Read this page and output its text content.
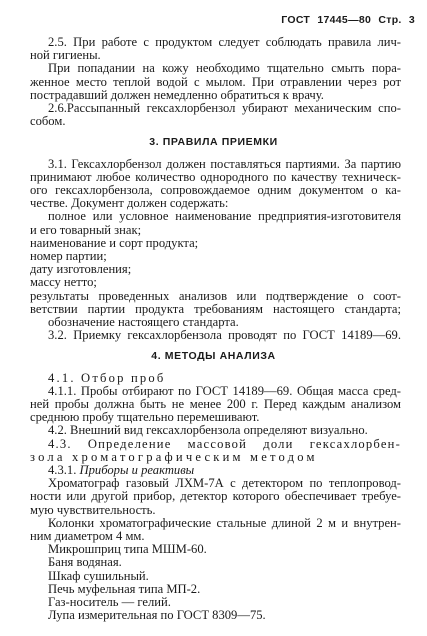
ГОСТ 17445—80 Стр. 3
2.5. При работе с продуктом следует соблюдать правила лич-
ной гигиены.
При попадании на кожу необходимо тщательно смыть пора-
женное место теплой водой с мылом. При отравлении через рот
пострадавший должен немедленно обратиться к врачу.
2.6.Рассыпанный гексахлорбензол убирают механическим спо-
собом.
3. ПРАВИЛА ПРИЕМКИ
3.1. Гексахлорбензол должен поставляться партиями. За партию
принимают любое количество однородного по качеству техническ-
ого гексахлорбензола, сопровождаемое одним документом о ка-
честве. Документ должен содержать:
полное или условное наименование предприятия-изготовителя
и его товарный знак;
наименование и сорт продукта;
номер партии;
дату изготовления;
массу нетто;
результаты проведенных анализов или подтверждение о соот-
ветствии партии продукта требованиям настоящего стандарта;
обозначение настоящего стандарта.
3.2. Приемку гексахлорбензола проводят по ГОСТ 14189—69.
4. МЕТОДЫ АНАЛИЗА
4.1. Отбор проб
4.1.1. Пробы отбирают по ГОСТ 14189—69. Общая масса сред-
ней пробы должна быть не менее 200 г. Перед каждым анализом
среднюю пробу тщательно перемешивают.
4.2. Внешний вид гексахлорбензола определяют визуально.
4.3. Определение массовой доли гексахлорбен-
зола хроматографическим методом
4.3.1. Приборы и реактивы
Хроматограф газовый ЛХМ-7А с детектором по теплопровод-
ности или другой прибор, детектор которого обеспечивает требуе-
мую чувствительность.
Колонки хроматографические стальные длиной 2 м и внутрен-
ним диаметром 4 мм.
Микрошприц типа МШМ-60.
Баня водяная.
Шкаф сушильный.
Печь муфельная типа МП-2.
Газ-носитель — гелий.
Лупа измерительная по ГОСТ 8309—75.
